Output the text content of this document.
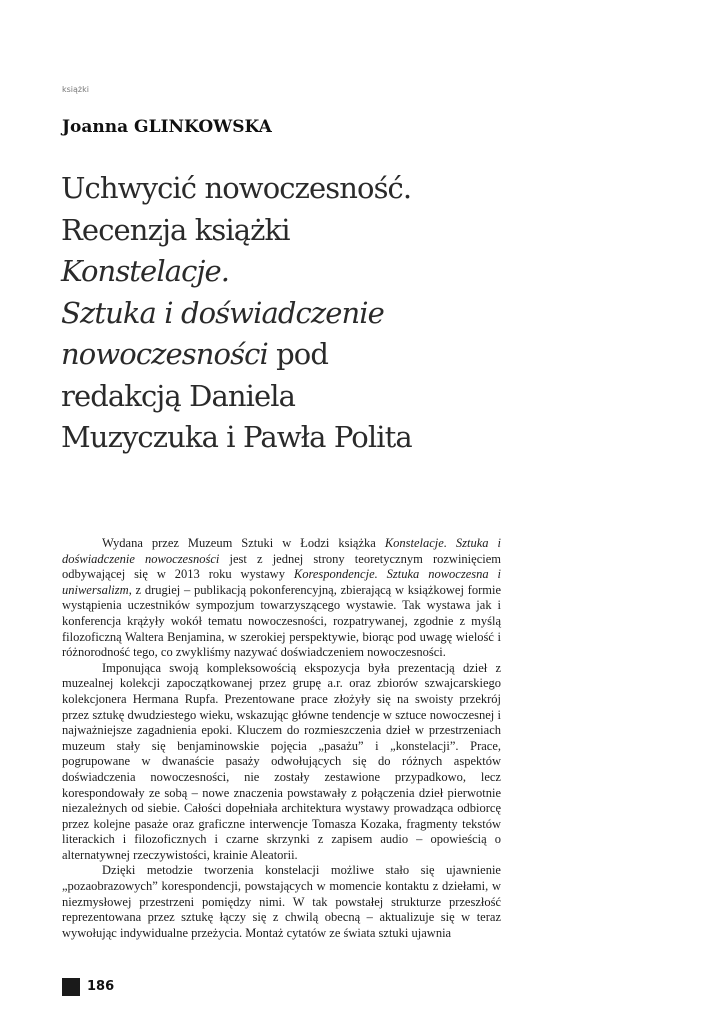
książki
Joanna GLINKOWSKA
Uchwycić nowoczesność.
Recenzja książki
Konstelacje.
Sztuka i doświadczenie
nowoczesności pod
redakcją Daniela
Muzyczuka i Pawła Polita

Wydana przez Muzeum Sztuki w Łodzi książka Konstelacje. Sztuka i doświadczenie nowoczesności jest z jednej strony teoretycznym rozwinięciem odbywającej się w 2013 roku wystawy Korespondencje. Sztuka nowoczesna i uniwersalizm, z drugiej – publikacją pokonferencyjną, zbierającą w książkowej formie wystąpienia uczestników sympozjum towarzyszącego wystawie. Tak wystawa jak i konferencja krążyły wokół tematu nowoczesności, rozpatrywanej, zgodnie z myślą filozoficzną Waltera Benjamina, w szerokiej perspektywie, biorąc pod uwagę wielość i różnorodność tego, co zwykliśmy nazywać doświadczeniem nowoczesności.

Imponująca swoją kompleksowością ekspozycja była prezentacją dzieł z muzealnej kolekcji zapoczątkowanej przez grupę a.r. oraz zbiorów szwajcarskiego kolekcjonera Hermana Rupfa. Prezentowane prace złożyły się na swoisty przekrój przez sztukę dwudziestego wieku, wskazując główne tendencje w sztuce nowoczesnej i najważniejsze zagadnienia epoki. Kluczem do rozmieszczenia dzieł w przestrzeniach muzeum stały się benjaminowskie pojęcia „pasażu” i „konstelacji”. Prace, pogrupowane w dwanaście pasaży odwołujących się do różnych aspektów doświadczenia nowoczesności, nie zostały zestawione przypadkowo, lecz korespondowały ze sobą – nowe znaczenia powstawały z połączenia dzieł pierwotnie niezależnych od siebie. Całości dopełniała architektura wystawy prowadząca odbiorcę przez kolejne pasaże oraz graficzne interwencje Tomasza Kozaka, fragmenty tekstów literackich i filozoficznych i czarne skrzynki z zapisem audio – opowieścią o alternatywnej rzeczywistości, krainie Aleatorii.

Dzięki metodzie tworzenia konstelacji możliwe stało się ujawnienie „pozaobrazowych” korespondencji, powstających w momencie kontaktu z dziełami, w niezmysłowej przestrzeni pomiędzy nimi. W tak powstałej strukturze przeszłość reprezentowana przez sztukę łączy się z chwilą obecną – aktualizuje się w teraz wywołując indywidualne przeżycia. Montaż cytatów ze świata sztuki ujawnia

186
